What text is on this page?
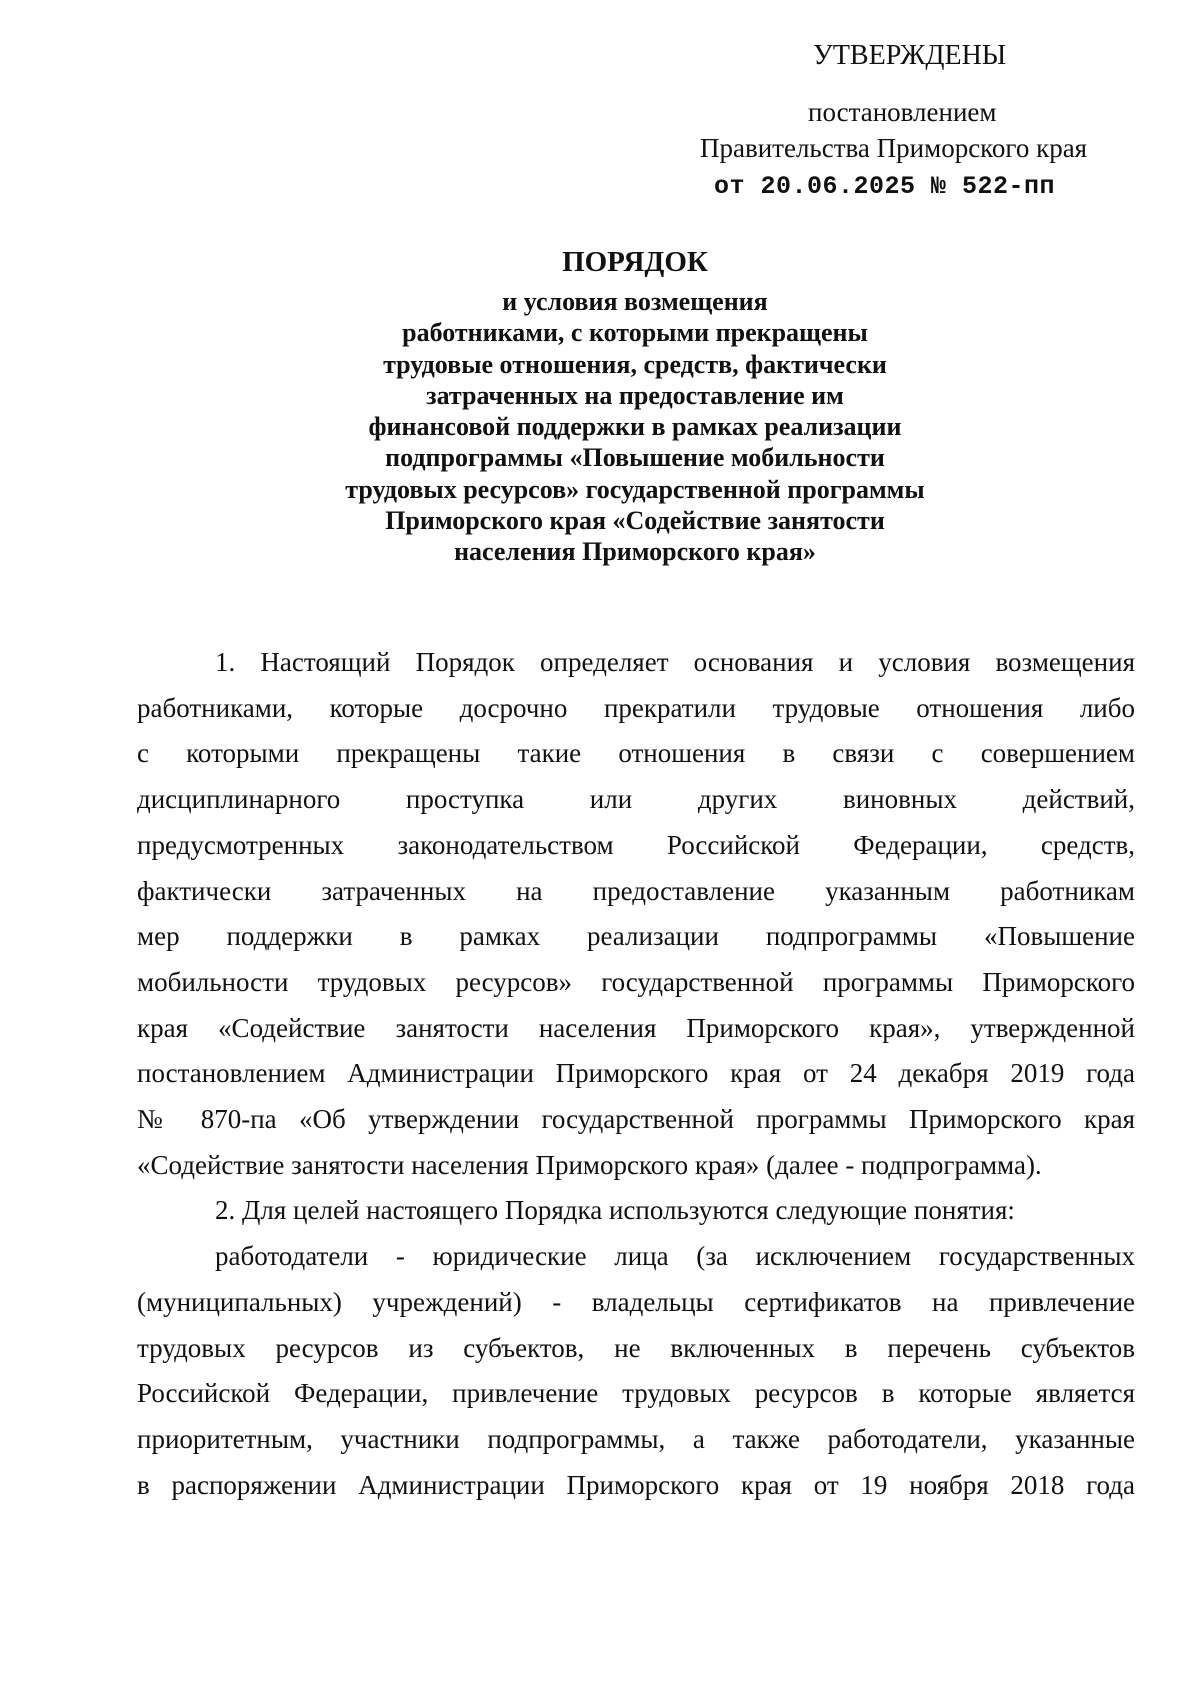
УТВЕРЖДЕНЫ
постановлением
Правительства Приморского края
от 20.06.2025 № 522-пп
ПОРЯДОК
и условия возмещения
работниками, с которыми прекращены
трудовые отношения, средств, фактически
затраченных на предоставление им
финансовой поддержки в рамках реализации
подпрограммы «Повышение мобильности
трудовых ресурсов» государственной программы
Приморского края «Содействие занятости
населения Приморского края»
1. Настоящий Порядок определяет основания и условия возмещения
работниками, которые досрочно прекратили трудовые отношения либо
с которыми прекращены такие отношения в связи с совершением
дисциплинарного проступка или других виновных действий,
предусмотренных законодательством Российской Федерации, средств,
фактически затраченных на предоставление указанным работникам
мер поддержки в рамках реализации подпрограммы «Повышение
мобильности трудовых ресурсов» государственной программы Приморского
края «Содействие занятости населения Приморского края», утвержденной
постановлением Администрации Приморского края от 24 декабря 2019 года
№ 870-па «Об утверждении государственной программы Приморского края
«Содействие занятости населения Приморского края» (далее - подпрограмма).
2. Для целей настоящего Порядка используются следующие понятия:
работодатели - юридические лица (за исключением государственных
(муниципальных) учреждений) - владельцы сертификатов на привлечение
трудовых ресурсов из субъектов, не включенных в перечень субъектов
Российской Федерации, привлечение трудовых ресурсов в которые является
приоритетным, участники подпрограммы, а также работодатели, указанные
в распоряжении Администрации Приморского края от 19 ноября 2018 года
